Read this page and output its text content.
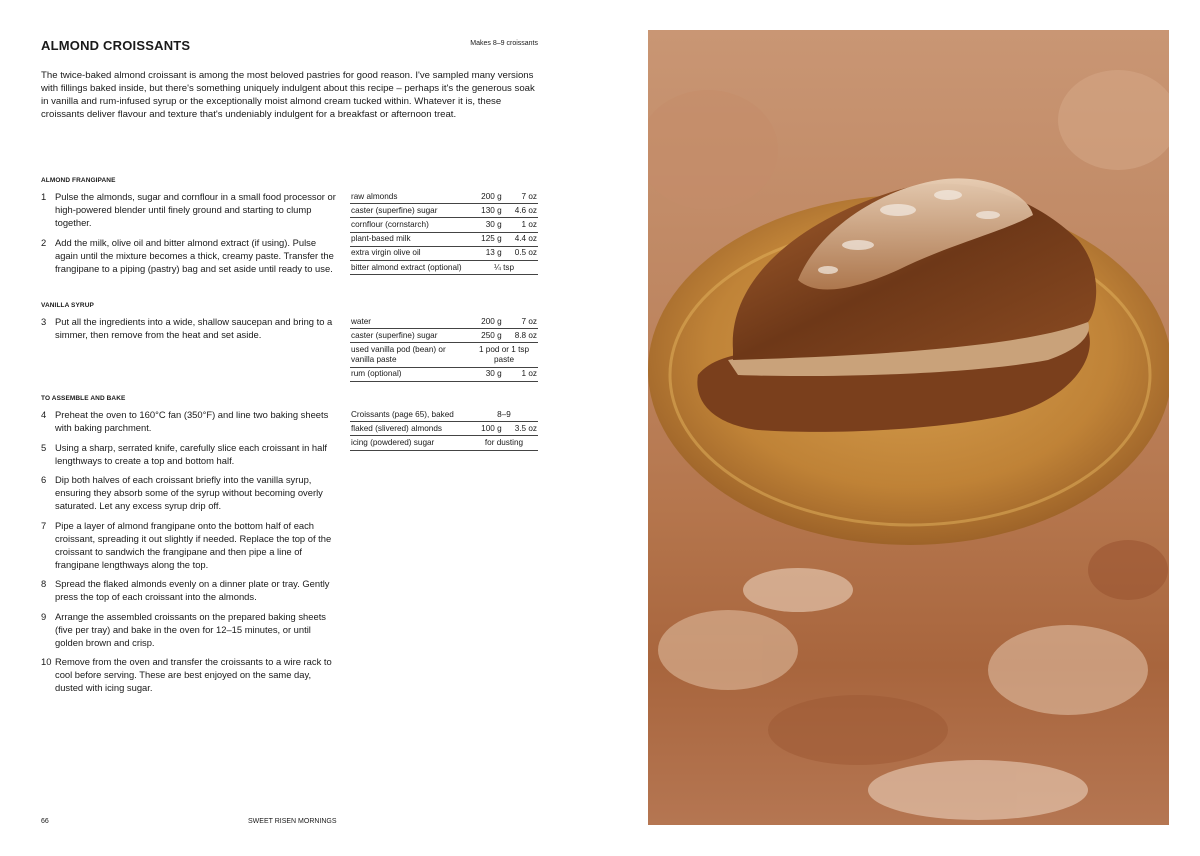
ALMOND CROISSANTS	Makes 8–9 croissants

The twice-baked almond croissant is among the most beloved pastries for good reason. I've sampled many versions with fillings baked inside, but there's something uniquely indulgent about this recipe – perhaps it's the generous soak in vanilla and rum-infused syrup or the exceptionally moist almond cream tucked within. Whatever it is, these croissants deliver flavour and texture that's undeniably indulgent for a breakfast or afternoon treat.

ALMOND FRANGIPANE
1 Pulse the almonds, sugar and cornflour in a small food processor or high-powered blender until finely ground and starting to clump together.
2 Add the milk, olive oil and bitter almond extract (if using). Pulse again until the mixture becomes a thick, creamy paste. Transfer the frangipane to a piping (pastry) bag and set aside until ready to use.
raw almonds	200 g	7 oz
caster (superfine) sugar	130 g	4.6 oz
cornflour (cornstarch)	30 g	1 oz
plant-based milk	125 g	4.4 oz
extra virgin olive oil	13 g	0.5 oz
bitter almond extract (optional)	¼ tsp	
VANILLA SYRUP
3 Put all the ingredients into a wide, shallow saucepan and bring to a simmer, then remove from the heat and set aside.
water	200 g	7 oz
caster (superfine) sugar	250 g	8.8 oz
used vanilla pod (bean) or vanilla paste	1 pod or 1 tsp paste	
rum (optional)	30 g	1 oz
TO ASSEMBLE AND BAKE
4 Preheat the oven to 160°C fan (350°F) and line two baking sheets with baking parchment.
5 Using a sharp, serrated knife, carefully slice each croissant in half lengthways to create a top and bottom half.
6 Dip both halves of each croissant briefly into the vanilla syrup, ensuring they absorb some of the syrup without becoming overly saturated. Let any excess syrup drip off.
7 Pipe a layer of almond frangipane onto the bottom half of each croissant, spreading it out slightly if needed. Replace the top of the croissant to sandwich the frangipane and then pipe a line of frangipane lengthways along the top.
8 Spread the flaked almonds evenly on a dinner plate or tray. Gently press the top of each croissant into the almonds.
9 Arrange the assembled croissants on the prepared baking sheets (five per tray) and bake in the oven for 12–15 minutes, or until golden brown and crisp.
10 Remove from the oven and transfer the croissants to a wire rack to cool before serving. These are best enjoyed on the same day, dusted with icing sugar.
Croissants (page 65), baked	8–9	
flaked (slivered) almonds	100 g	3.5 oz
icing (powdered) sugar	for dusting	
66	SWEET RISEN MORNINGS
